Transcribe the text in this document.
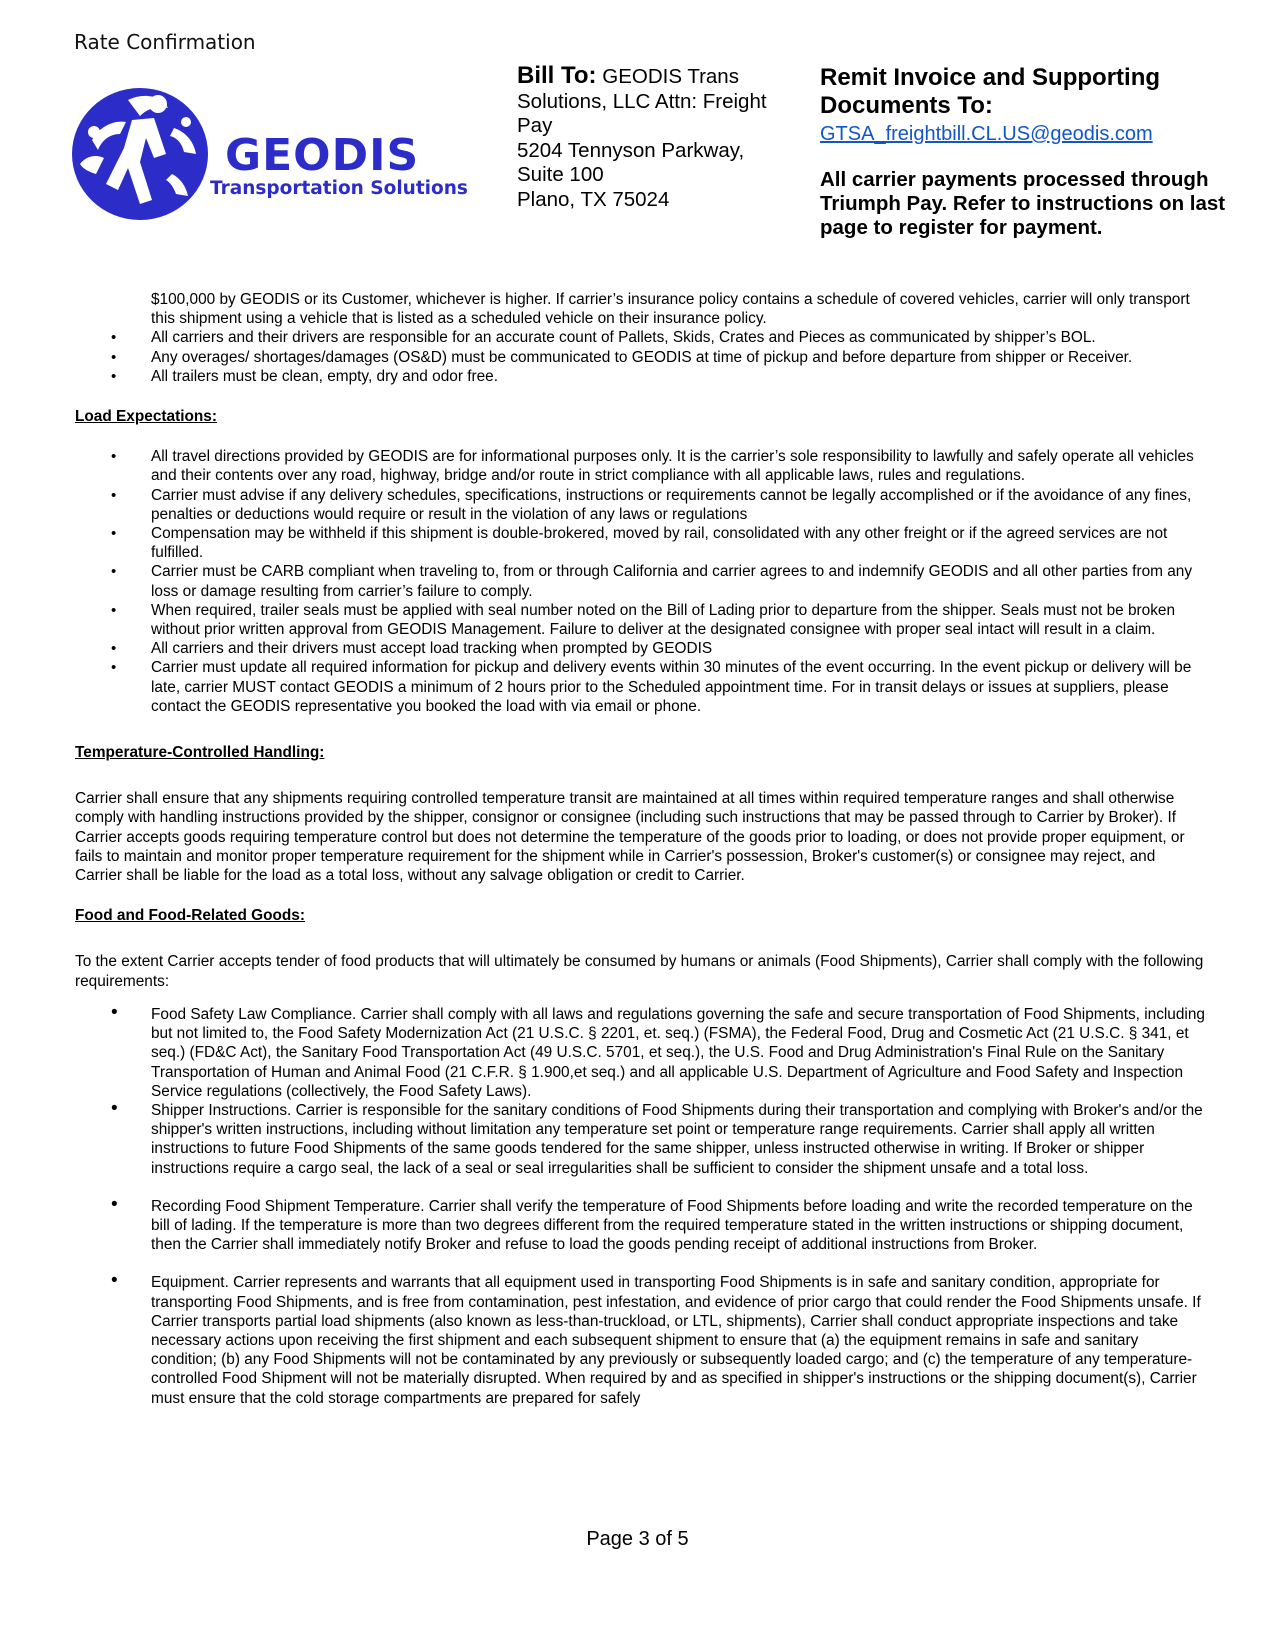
Rate Confirmation
GEODIS
Transportation Solutions
Bill To: GEODIS Trans Solutions, LLC Attn: Freight Pay
5204 Tennyson Parkway, Suite 100
Plano, TX 75024
Remit Invoice and Supporting Documents To:
GTSA_freightbill.CL.US@geodis.com
All carrier payments processed through Triumph Pay. Refer to instructions on last page to register for payment.
$100,000 by GEODIS or its Customer, whichever is higher. If carrier’s insurance policy contains a schedule of covered vehicles, carrier will only transport this shipment using a vehicle that is listed as a scheduled vehicle on their insurance policy.
• All carriers and their drivers are responsible for an accurate count of Pallets, Skids, Crates and Pieces as communicated by shipper’s BOL.
• Any overages/ shortages/damages (OS&D) must be communicated to GEODIS at time of pickup and before departure from shipper or Receiver.
• All trailers must be clean, empty, dry and odor free.
Load Expectations:
• All travel directions provided by GEODIS are for informational purposes only. It is the carrier’s sole responsibility to lawfully and safely operate all vehicles and their contents over any road, highway, bridge and/or route in strict compliance with all applicable laws, rules and regulations.
• Carrier must advise if any delivery schedules, specifications, instructions or requirements cannot be legally accomplished or if the avoidance of any fines, penalties or deductions would require or result in the violation of any laws or regulations
• Compensation may be withheld if this shipment is double-brokered, moved by rail, consolidated with any other freight or if the agreed services are not fulfilled.
• Carrier must be CARB compliant when traveling to, from or through California and carrier agrees to and indemnify GEODIS and all other parties from any loss or damage resulting from carrier’s failure to comply.
• When required, trailer seals must be applied with seal number noted on the Bill of Lading prior to departure from the shipper. Seals must not be broken without prior written approval from GEODIS Management. Failure to deliver at the designated consignee with proper seal intact will result in a claim.
• All carriers and their drivers must accept load tracking when prompted by GEODIS
• Carrier must update all required information for pickup and delivery events within 30 minutes of the event occurring. In the event pickup or delivery will be late, carrier MUST contact GEODIS a minimum of 2 hours prior to the Scheduled appointment time. For in transit delays or issues at suppliers, please contact the GEODIS representative you booked the load with via email or phone.
Temperature-Controlled Handling:
Carrier shall ensure that any shipments requiring controlled temperature transit are maintained at all times within required temperature ranges and shall otherwise comply with handling instructions provided by the shipper, consignor or consignee (including such instructions that may be passed through to Carrier by Broker). If Carrier accepts goods requiring temperature control but does not determine the temperature of the goods prior to loading, or does not provide proper equipment, or fails to maintain and monitor proper temperature requirement for the shipment while in Carrier's possession, Broker's customer(s) or consignee may reject, and Carrier shall be liable for the load as a total loss, without any salvage obligation or credit to Carrier.
Food and Food-Related Goods:
To the extent Carrier accepts tender of food products that will ultimately be consumed by humans or animals (Food Shipments), Carrier shall comply with the following requirements:
• Food Safety Law Compliance. Carrier shall comply with all laws and regulations governing the safe and secure transportation of Food Shipments, including but not limited to, the Food Safety Modernization Act (21 U.S.C. § 2201, et. seq.) (FSMA), the Federal Food, Drug and Cosmetic Act (21 U.S.C. § 341, et seq.) (FD&C Act), the Sanitary Food Transportation Act (49 U.S.C. 5701, et seq.), the U.S. Food and Drug Administration's Final Rule on the Sanitary Transportation of Human and Animal Food (21 C.F.R. § 1.900,et seq.) and all applicable U.S. Department of Agriculture and Food Safety and Inspection Service regulations (collectively, the Food Safety Laws).
• Shipper Instructions. Carrier is responsible for the sanitary conditions of Food Shipments during their transportation and complying with Broker's and/or the shipper's written instructions, including without limitation any temperature set point or temperature range requirements. Carrier shall apply all written instructions to future Food Shipments of the same goods tendered for the same shipper, unless instructed otherwise in writing. If Broker or shipper instructions require a cargo seal, the lack of a seal or seal irregularities shall be sufficient to consider the shipment unsafe and a total loss.
• Recording Food Shipment Temperature. Carrier shall verify the temperature of Food Shipments before loading and write the recorded temperature on the bill of lading. If the temperature is more than two degrees different from the required temperature stated in the written instructions or shipping document, then the Carrier shall immediately notify Broker and refuse to load the goods pending receipt of additional instructions from Broker.
• Equipment. Carrier represents and warrants that all equipment used in transporting Food Shipments is in safe and sanitary condition, appropriate for transporting Food Shipments, and is free from contamination, pest infestation, and evidence of prior cargo that could render the Food Shipments unsafe. If Carrier transports partial load shipments (also known as less-than-truckload, or LTL, shipments), Carrier shall conduct appropriate inspections and take necessary actions upon receiving the first shipment and each subsequent shipment to ensure that (a) the equipment remains in safe and sanitary condition; (b) any Food Shipments will not be contaminated by any previously or subsequently loaded cargo; and (c) the temperature of any temperature-controlled Food Shipment will not be materially disrupted. When required by and as specified in shipper's instructions or the shipping document(s), Carrier must ensure that the cold storage compartments are prepared for safely
Page 3 of 5
